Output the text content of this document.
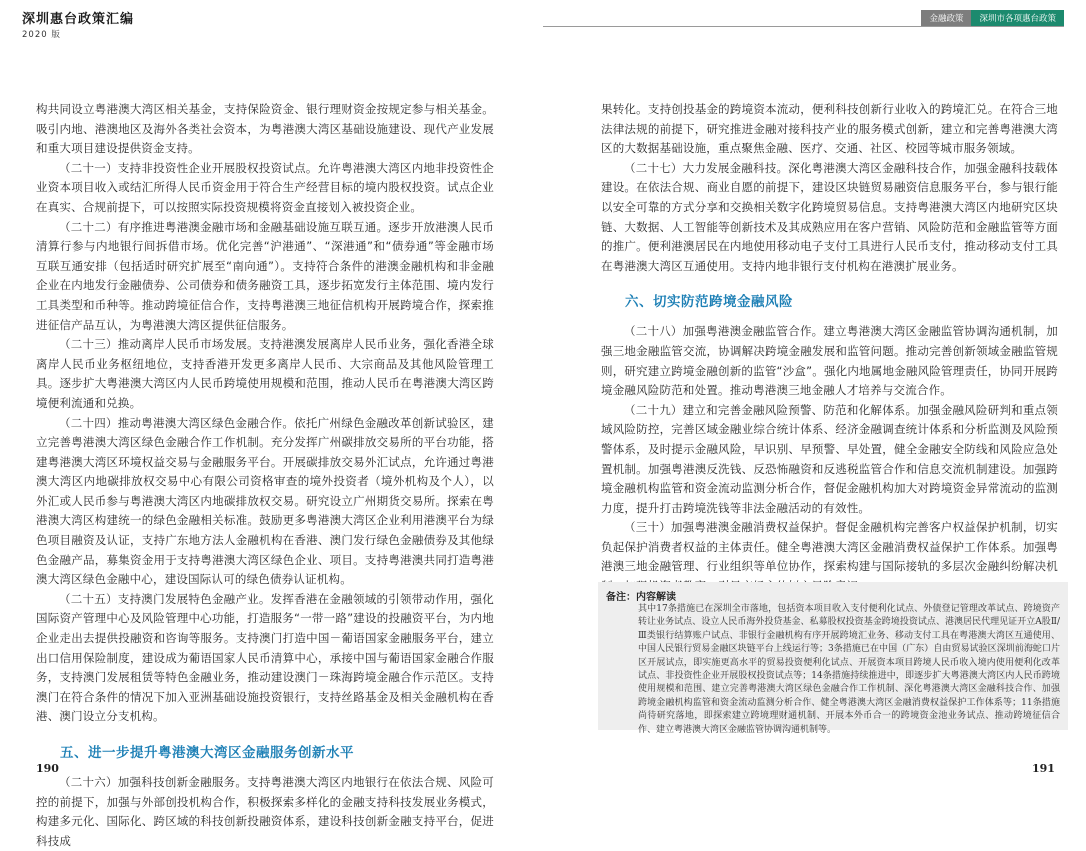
深圳惠台政策汇编
2020 版
金融政策	深圳市各项惠台政策

构共同设立粤港澳大湾区相关基金，支持保险资金、银行理财资金按规定参与相关基金。吸引内地、港澳地区及海外各类社会资本，为粤港澳大湾区基础设施建设、现代产业发展和重大项目建设提供资金支持。

（二十一）支持非投资性企业开展股权投资试点。允许粤港澳大湾区内地非投资性企业资本项目收入或结汇所得人民币资金用于符合生产经营目标的境内股权投资。试点企业在真实、合规前提下，可以按照实际投资规模将资金直接划入被投资企业。

（二十二）有序推进粤港澳金融市场和金融基础设施互联互通。逐步开放港澳人民币清算行参与内地银行间拆借市场。优化完善“沪港通”、“深港通”和“债券通”等金融市场互联互通安排（包括适时研究扩展至“南向通”）。支持符合条件的港澳金融机构和非金融企业在内地发行金融债券、公司债券和债务融资工具，逐步拓宽发行主体范围、境内发行工具类型和币种等。推动跨境征信合作，支持粤港澳三地征信机构开展跨境合作，探索推进征信产品互认，为粤港澳大湾区提供征信服务。

（二十三）推动离岸人民币市场发展。支持港澳发展离岸人民币业务，强化香港全球离岸人民币业务枢纽地位，支持香港开发更多离岸人民币、大宗商品及其他风险管理工具。逐步扩大粤港澳大湾区内人民币跨境使用规模和范围，推动人民币在粤港澳大湾区跨境便利流通和兑换。

（二十四）推动粤港澳大湾区绿色金融合作。依托广州绿色金融改革创新试验区，建立完善粤港澳大湾区绿色金融合作工作机制。充分发挥广州碳排放交易所的平台功能，搭建粤港澳大湾区环境权益交易与金融服务平台。开展碳排放交易外汇试点，允许通过粤港澳大湾区内地碳排放权交易中心有限公司资格审查的境外投资者（境外机构及个人），以外汇或人民币参与粤港澳大湾区内地碳排放权交易。研究设立广州期货交易所。探索在粤港澳大湾区构建统一的绿色金融相关标准。鼓励更多粤港澳大湾区企业利用港澳平台为绿色项目融资及认证，支持广东地方法人金融机构在香港、澳门发行绿色金融债券及其他绿色金融产品，募集资金用于支持粤港澳大湾区绿色企业、项目。支持粤港澳共同打造粤港澳大湾区绿色金融中心，建设国际认可的绿色债券认证机构。

（二十五）支持澳门发展特色金融产业。发挥香港在金融领域的引领带动作用，强化国际资产管理中心及风险管理中心功能，打造服务“一带一路”建设的投融资平台，为内地企业走出去提供投融资和咨询等服务。支持澳门打造中国－葡语国家金融服务平台，建立出口信用保险制度，建设成为葡语国家人民币清算中心，承接中国与葡语国家金融合作服务，支持澳门发展租赁等特色金融业务，推动建设澳门－珠海跨境金融合作示范区。支持澳门在符合条件的情况下加入亚洲基础设施投资银行，支持丝路基金及相关金融机构在香港、澳门设立分支机构。

五、进一步提升粤港澳大湾区金融服务创新水平

（二十六）加强科技创新金融服务。支持粤港澳大湾区内地银行在依法合规、风险可控的前提下，加强与外部创投机构合作，积极探索多样化的金融支持科技发展业务模式，构建多元化、国际化、跨区域的科技创新投融资体系，建设科技创新金融支持平台，促进科技成

果转化。支持创投基金的跨境资本流动，便利科技创新行业收入的跨境汇兑。在符合三地法律法规的前提下，研究推进金融对接科技产业的服务模式创新，建立和完善粤港澳大湾区的大数据基础设施，重点聚焦金融、医疗、交通、社区、校园等城市服务领域。

（二十七）大力发展金融科技。深化粤港澳大湾区金融科技合作，加强金融科技载体建设。在依法合规、商业自愿的前提下，建设区块链贸易融资信息服务平台，参与银行能以安全可靠的方式分享和交换相关数字化跨境贸易信息。支持粤港澳大湾区内地研究区块链、大数据、人工智能等创新技术及其成熟应用在客户营销、风险防范和金融监管等方面的推广。便利港澳居民在内地使用移动电子支付工具进行人民币支付，推动移动支付工具在粤港澳大湾区互通使用。支持内地非银行支付机构在港澳扩展业务。

六、切实防范跨境金融风险

（二十八）加强粤港澳金融监管合作。建立粤港澳大湾区金融监管协调沟通机制，加强三地金融监管交流，协调解决跨境金融发展和监管问题。推动完善创新领域金融监管规则，研究建立跨境金融创新的监管“沙盒”。强化内地属地金融风险管理责任，协同开展跨境金融风险防范和处置。推动粤港澳三地金融人才培养与交流合作。

（二十九）建立和完善金融风险预警、防范和化解体系。加强金融风险研判和重点领域风险防控，完善区域金融业综合统计体系、经济金融调查统计体系和分析监测及风险预警体系，及时提示金融风险，早识别、早预警、早处置，健全金融安全防线和风险应急处置机制。加强粤港澳反洗钱、反恐怖融资和反逃税监管合作和信息交流机制建设。加强跨境金融机构监管和资金流动监测分析合作，督促金融机构加大对跨境资金异常流动的监测力度，提升打击跨境洗钱等非法金融活动的有效性。

（三十）加强粤港澳金融消费权益保护。督促金融机构完善客户权益保护机制，切实负起保护消费者权益的主体责任。健全粤港澳大湾区金融消费权益保护工作体系。加强粤港澳三地金融管理、行业组织等单位协作，探索构建与国际接轨的多层次金融纠纷解决机

备注：内容解读
其中17条措施已在深圳全市落地，包括资本项目收入支付便利化试点、外债登记管理改革试点、跨境资产转让业务试点、设立人民币海外投贷基金、私募股权投资基金跨境投资试点、港澳居民代理见证开立A股Ⅱ/Ⅲ类银行结算账户试点、非银行金融机构有序开展跨境汇业务、移动支付工具在粤港澳大湾区互通使用、中国人民银行贸易金融区块链平台上线运行等；3条措施已在中国（广东）自由贸易试验区深圳前海蛇口片区开展试点，即实施更高水平的贸易投资便利化试点、开展资本项目跨境人民币收入境内使用便利化改革试点、非投资性企业开展股权投资试点等；14条措施持续推进中，即逐步扩大粤港澳大湾区内人民币跨境使用规模和范围、建立完善粤港澳大湾区绿色金融合作工作机制、深化粤港澳大湾区金融科技合作、加强跨境金融机构监管和资金流动监测分析合作、健全粤港澳大湾区金融消费权益保护工作体系等；11条措施尚待研究落地，即探索建立跨境理财通机制、开展本外币合一的跨境资金池业务试点、推动跨境征信合作、建立粤港澳大湾区金融监管协调沟通机制等。
190	191
